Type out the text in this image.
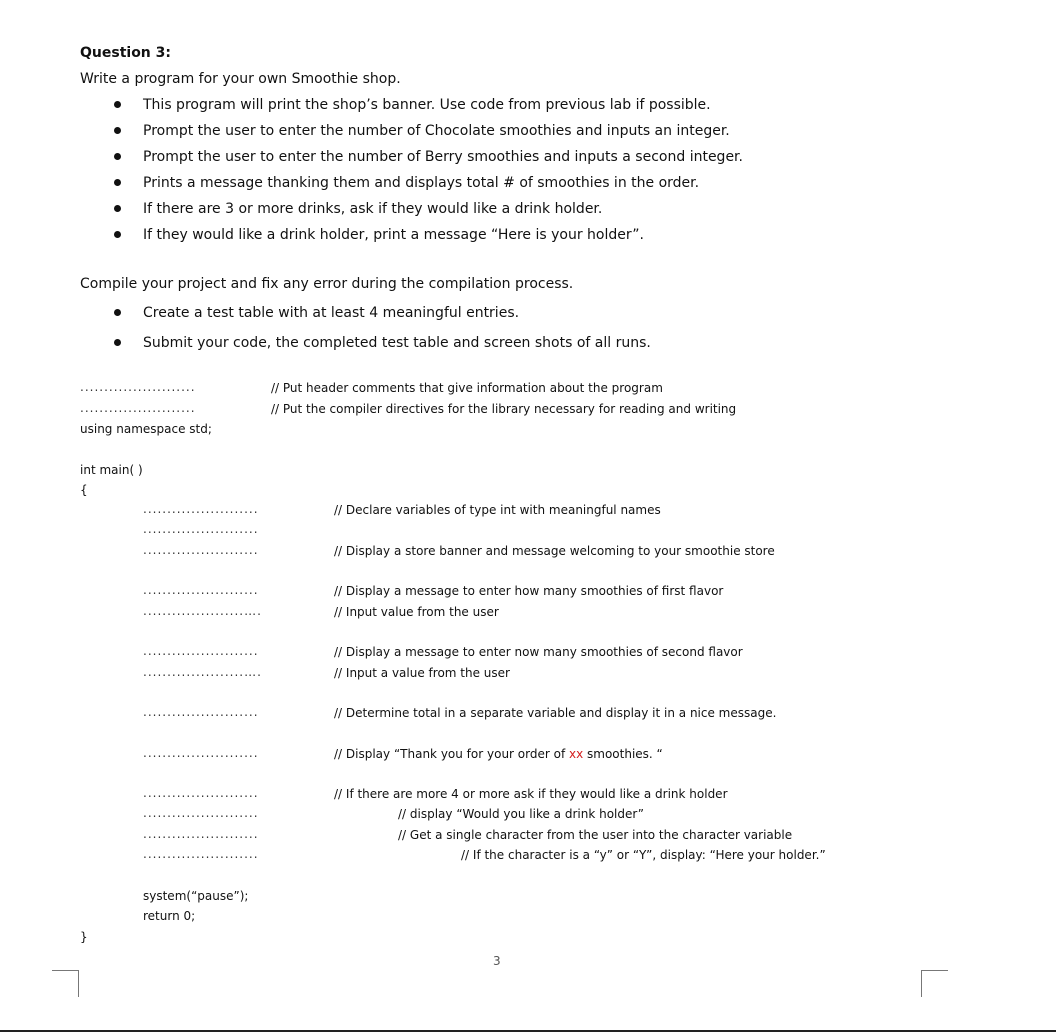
Question 3:
Write a program for your own Smoothie shop.
This program will print the shop’s banner. Use code from previous lab if possible.
Prompt the user to enter the number of Chocolate smoothies and inputs an integer.
Prompt the user to enter the number of Berry smoothies and inputs a second integer.
Prints a message thanking them and displays total # of smoothies in the order.
If there are 3 or more drinks, ask if they would like a drink holder.
If they would like a drink holder, print a message “Here is your holder”.
Compile your project and fix any error during the compilation process.
Create a test table with at least 4 meaningful entries.
Submit your code, the completed test table and screen shots of all runs.
........................	// Put header comments that give information about the program
........................	// Put the compiler directives for the library necessary for reading and writing
using namespace std;
int main( )
{
........................	// Declare variables of type int with meaningful names
........................
........................	// Display a store banner and message welcoming to your smoothie store
........................	// Display a message to enter how many smoothies of first flavor
.....................….	// Input value from the user
........................	// Display a message to enter now many smoothies of second flavor
.....................….	// Input a value from the user
........................	// Determine total in a separate variable and display it in a nice message.
........................	// Display “Thank you for your order of xx smoothies. “
........................	// If there are more 4 or more ask if they would like a drink holder
........................	// display “Would you like a drink holder”
........................	// Get a single character from the user into the character variable
........................	// If the character is a “y” or “Y”, display: “Here your holder.”
system(“pause”);
return 0;
}
3
